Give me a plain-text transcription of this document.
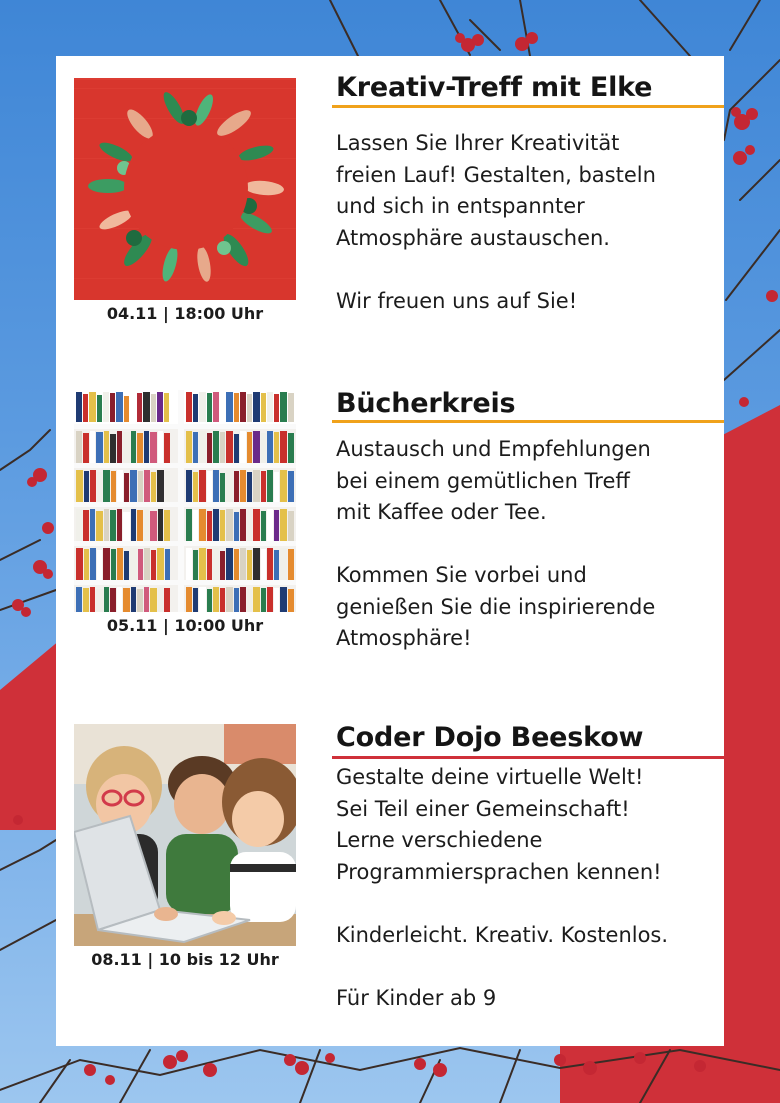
04.11 | 18:00 Uhr
Kreativ-Treff mit Elke
Lassen Sie Ihrer Kreativität
freien Lauf! Gestalten, basteln
und sich in entspannter
Atmosphäre austauschen.
Wir freuen uns auf Sie!
05.11 | 10:00 Uhr
Bücherkreis
Austausch und Empfehlungen
bei einem gemütlichen Treff
mit Kaffee oder Tee.
Kommen Sie vorbei und
genießen Sie die inspirierende
Atmosphäre!
08.11 | 10 bis 12 Uhr
Coder Dojo Beeskow
Gestalte deine virtuelle Welt!
Sei Teil einer Gemeinschaft!
Lerne verschiedene
Programmiersprachen kennen!
Kinderleicht. Kreativ. Kostenlos.
Für Kinder ab 9
